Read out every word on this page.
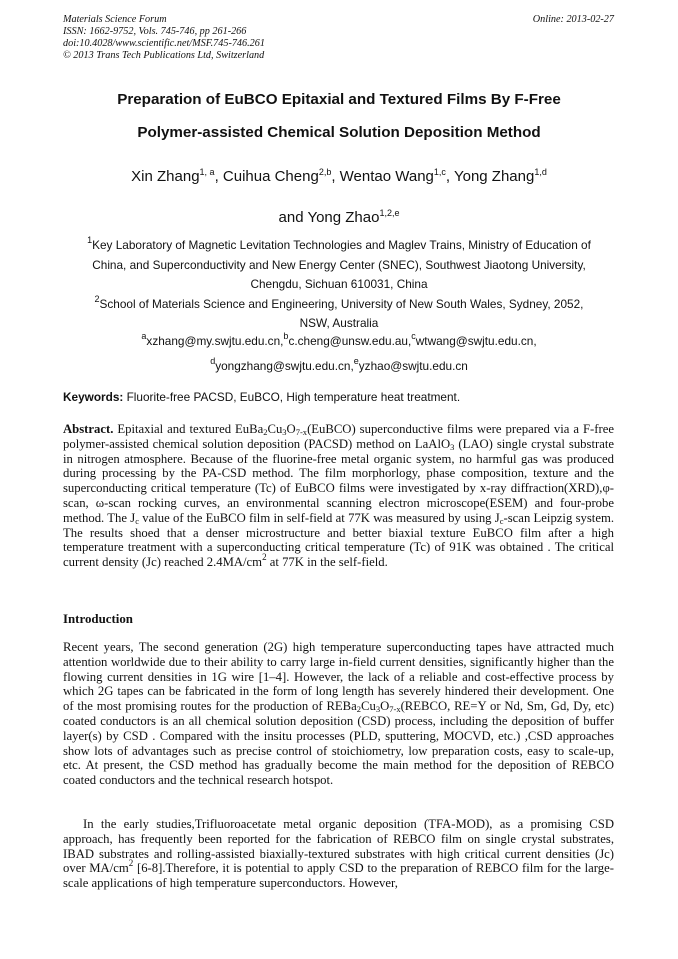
Materials Science Forum
ISSN: 1662-9752, Vols. 745-746, pp 261-266
doi:10.4028/www.scientific.net/MSF.745-746.261
© 2013 Trans Tech Publications Ltd, Switzerland
Online: 2013-02-27
Preparation of EuBCO Epitaxial and Textured Films By F-Free
Polymer-assisted Chemical Solution Deposition Method
Xin Zhang$^{1, a}$, Cuihua Cheng$^{2,b}$, Wentao Wang$^{1,c}$, Yong Zhang$^{1,d}$
and Yong Zhao$^{1,2,e}$
$^1$Key Laboratory of Magnetic Levitation Technologies and Maglev Trains, Ministry of Education of
China, and Superconductivity and New Energy Center (SNEC), Southwest Jiaotong University,
Chengdu, Sichuan 610031, China
$^2$School of Materials Science and Engineering, University of New South Wales, Sydney, 2052,
NSW, Australia
$^a$xzhang@my.swjtu.edu.cn,$^b$c.cheng@unsw.edu.au,$^c$wtwang@swjtu.edu.cn,
$^d$yongzhang@swjtu.edu.cn,$^e$yzhao@swjtu.edu.cn
Keywords: Fluorite-free PACSD, EuBCO, High temperature heat treatment.
Abstract. Epitaxial and textured $EuBa_2Cu_3O_{7-x}(EuBCO)$ superconductive films were prepared via a F-free polymer-assisted chemical solution deposition (PACSD) method on LaAlO$_3$ (LAO) single crystal substrate in nitrogen atmosphere. Because of the fluorine-free metal organic system, no harmful gas was produced during processing by the PA-CSD method. The film morphorlogy, phase composition, texture and the superconducting critical temperature (Tc) of EuBCO films were investigated by x-ray diffraction(XRD),φ-scan, ω-scan rocking curves, an environmental scanning electron microscope(ESEM) and four-probe method. The $J_c$ value of the EuBCO film in self-field at 77K was measured by using $J_c$-scan Leipzig system. The results shoed that a denser microstructure and better biaxial texture EuBCO film after a high temperature treatment with a superconducting critical temperature (Tc) of 91K was obtained . The critical current density (Jc) reached $2.4MA/cm^2$ at 77K in the self-field.
Introduction

Recent years, The second generation (2G) high temperature superconducting tapes have attracted much attention worldwide due to their ability to carry large in-field current densities, significantly higher than the flowing current densities in 1G wire [1–4]. However, the lack of a reliable and cost-effective process by which 2G tapes can be fabricated in the form of long length has severely hindered their development. One of the most promising routes for the production of $REBa_2Cu_3O_{7-x}(REBCO$, RE=Y or Nd, Sm, Gd, Dy, etc) coated conductors is an all chemical solution deposition (CSD) process, including the deposition of buffer layer(s) by CSD . Compared with the insitu processes (PLD, sputtering, MOCVD, etc.) ,CSD approaches show lots of advantages such as precise control of stoichiometry, low preparation costs, easy to scale-up, etc. At present, the CSD method has gradually become the main method for the deposition of REBCO coated conductors and the technical research hotspot.

In the early studies,Trifluoroacetate metal organic deposition (TFA-MOD), as a promising CSD approach, has frequently been reported for the fabrication of REBCO film on single crystal substrates, IBAD substrates and rolling-assisted biaxially-textured substrates with high critical current densities (Jc) over $MA/cm^2$ [6-8].Therefore, it is potential to apply CSD to the preparation of REBCO film for the large-scale applications of high temperature superconductors. However,
